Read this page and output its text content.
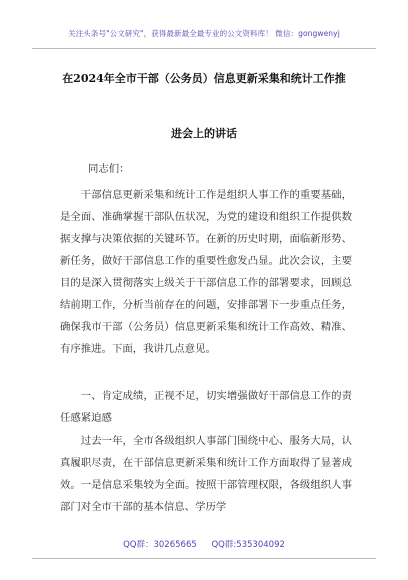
关注头条号"公文研究"，获得最新最全最专业的公文资料库！ 微信：gongwenyj
在2024年全市干部（公务员）信息更新采集和统计工作推
进会上的讲话
同志们：

干部信息更新采集和统计工作是组织人事工作的重要基础，是全面、准确掌握干部队伍状况，为党的建设和组织工作提供数据支撑与决策依据的关键环节。在新的历史时期，面临新形势、新任务，做好干部信息工作的重要性愈发凸显。此次会议，主要目的是深入贯彻落实上级关于干部信息工作的部署要求，回顾总结前期工作，分析当前存在的问题，安排部署下一步重点任务，确保我市干部（公务员）信息更新采集和统计工作高效、精准、有序推进。下面，我讲几点意见。

一、肯定成绩，正视不足，切实增强做好干部信息工作的责任感紧迫感

过去一年，全市各级组织人事部门围绕中心、服务大局，认真履职尽责，在干部信息更新采集和统计工作方面取得了显著成效。一是信息采集较为全面。按照干部管理权限，各级组织人事部门对全市干部的基本信息、学历学

QQ群：30265665 QQ群:535304092
